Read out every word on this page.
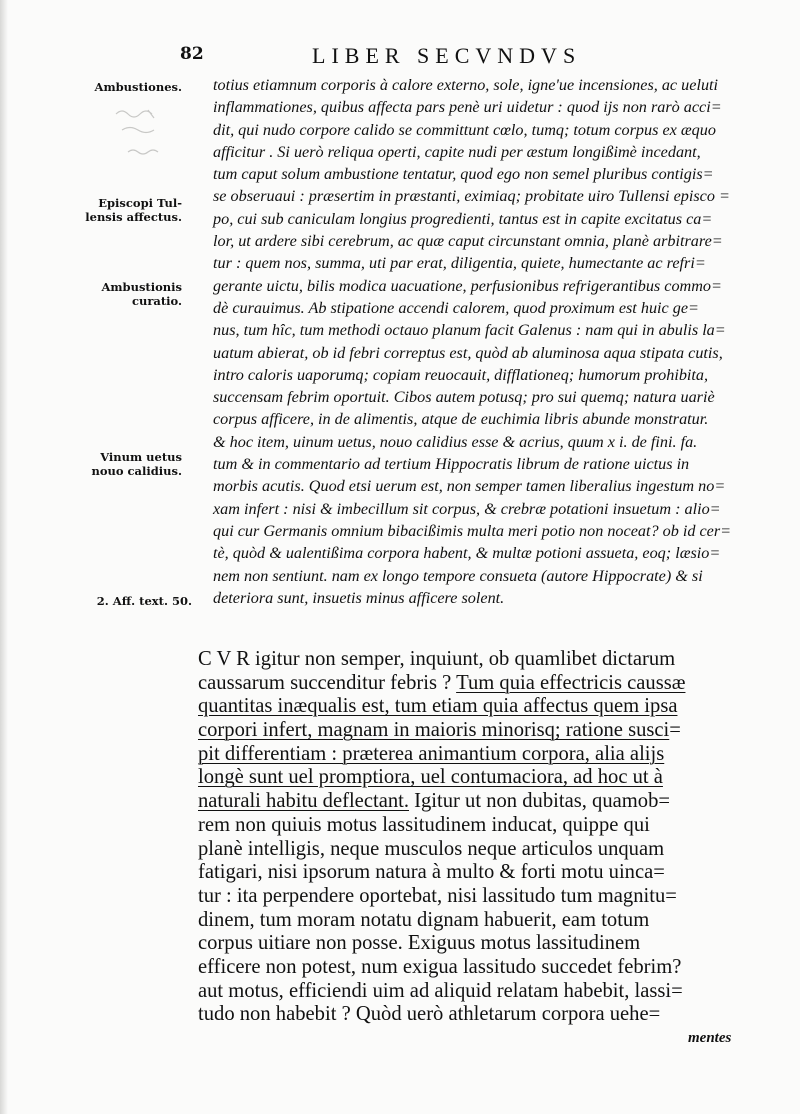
82	LIBER SECVNDVS
Ambustiones.
Episcopi Tul-
lensis affectus.
Ambustionis
curatio.
Vinum uetus
nouo calidius.
2. Aff. text. 50.
totius etiamnum corporis à calore externo, sole, igne'ue incensiones, ac ueluti
inflammationes, quibus affecta pars penè uri uidetur : quod ijs non rarò acci=
dit, qui nudo corpore calido se committunt cœlo, tumq; totum corpus ex æquo
afficitur . Si uerò reliqua operti, capite nudi per æstum longißimè incedant,
tum caput solum ambustione tentatur, quod ego non semel pluribus contigis=
se obseruaui : præsertim in præstanti, eximiaq; probitate uiro Tullensi episco =
po, cui sub caniculam longius progredienti, tantus est in capite excitatus ca=
lor, ut ardere sibi cerebrum, ac quæ caput circunstant omnia, planè arbitrare=
tur : quem nos, summa, uti par erat, diligentia, quiete, humectante ac refri=
gerante uictu, bilis modica uacuatione, perfusionibus refrigerantibus commo=
dè curauimus. Ab stipatione accendi calorem, quod proximum est huic ge=
nus, tum hîc, tum methodi octauo planum facit Galenus : nam qui in abulis la=
uatum abierat, ob id febri correptus est, quòd ab aluminosa aqua stipata cutis,
intro caloris uaporumq; copiam reuocauit, difflationeq; humorum prohibita,
succensam febrim oportuit. Cibos autem potusq; pro sui quemq; natura uariè
corpus afficere, in de alimentis, atque de euchimia libris abunde monstratur.
& hoc item, uinum uetus, nouo calidius esse & acrius, quum x i. de fini. fa.
tum & in commentario ad tertium Hippocratis librum de ratione uictus in
morbis acutis. Quod etsi uerum est, non semper tamen liberalius ingestum no=
xam infert : nisi & imbecillum sit corpus, & crebræ potationi insuetum : alio=
qui cur Germanis omnium bibacißimis multa meri potio non noceat? ob id cer=
tè, quòd & ualentißima corpora habent, & multæ potioni assueta, eoq; læsio=
nem non sentiunt. nam ex longo tempore consueta (autore Hippocrate) & si
deteriora sunt, insuetis minus afficere solent.
C V R igitur non semper, inquiunt, ob quamlibet dictarum
caussarum succenditur febris ? Tum quia effectricis caussæ
quantitas inæqualis est, tum etiam quia affectus quem ipsa
corpori infert, magnam in maioris minorisq; ratione susci=
pit differentiam : præterea animantium corpora, alia alijs
longè sunt uel promptiora, uel contumaciora, ad hoc ut à
naturali habitu deflectant. Igitur ut non dubitas, quamob=
rem non quiuis motus lassitudinem inducat, quippe qui
planè intelligis, neque musculos neque articulos unquam
fatigari, nisi ipsorum natura à multo & forti motu uinca=
tur : ita perpendere oportebat, nisi lassitudo tum magnitu=
dinem, tum moram notatu dignam habuerit, eam totum
corpus uitiare non posse. Exiguus motus lassitudinem
efficere non potest, num exigua lassitudo succedet febrim?
aut motus, efficiendi uim ad aliquid relatam habebit, lassi=
tudo non habebit ? Quòd uerò athletarum corpora uehe=
mentes
